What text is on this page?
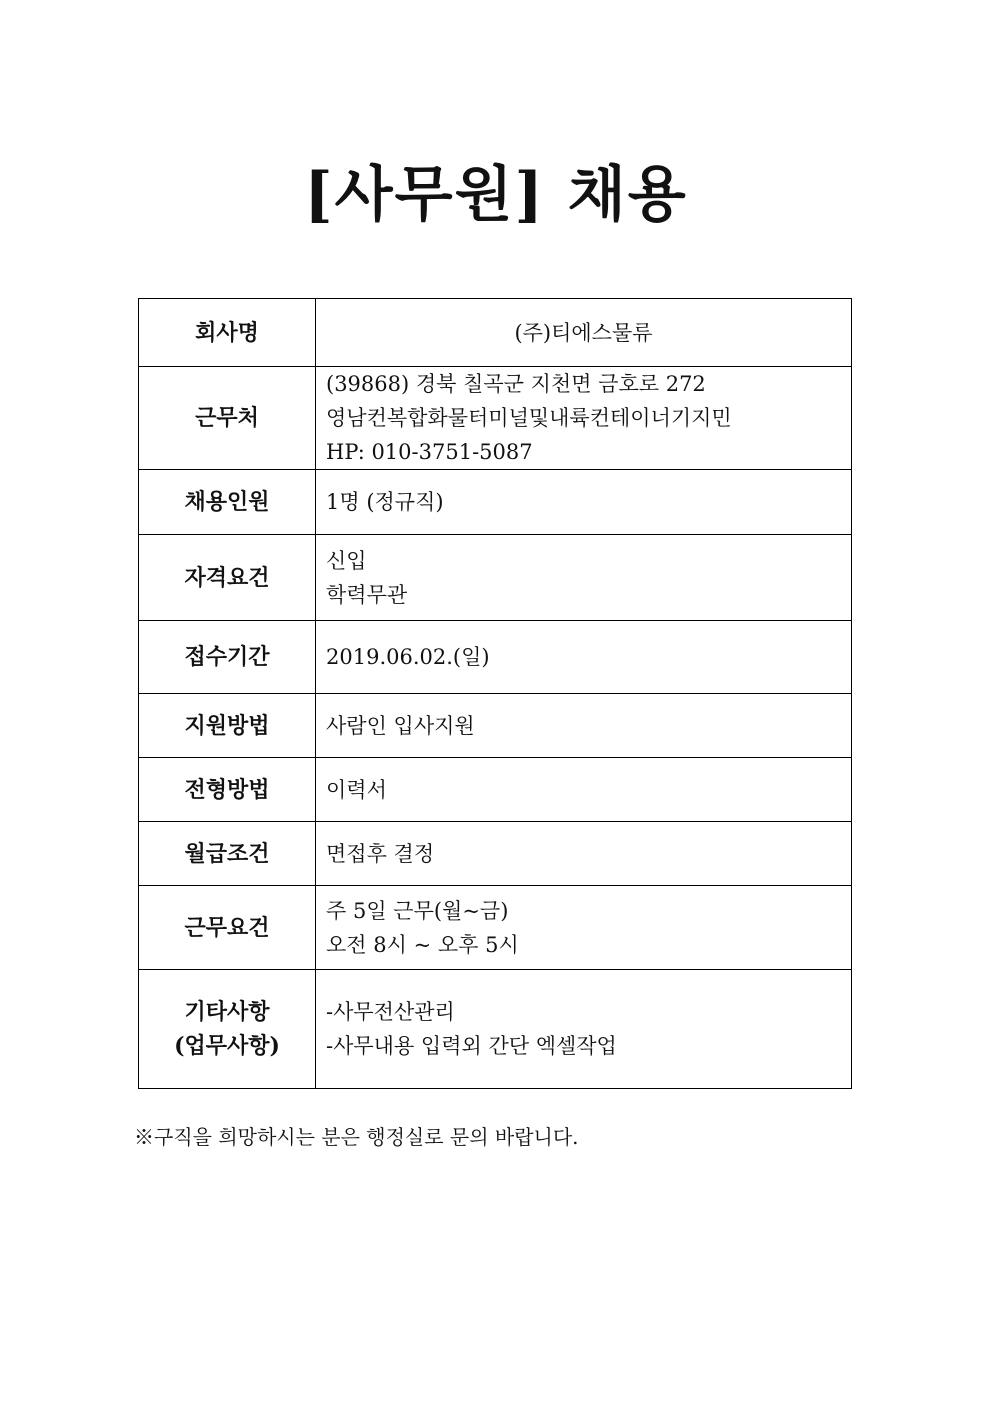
[사무원] 채용
회사명	(주)티에스물류

근무처	(39868) 경북 칠곡군 지천면 금호로 272
영남컨복합화물터미널및내륙컨테이너기지민
HP: 010-3751-5087

채용인원	1명 (정규직)

자격요건	신입
학력무관

접수기간	2019.06.02.(일)

지원방법	사람인 입사지원

전형방법	이력서

월급조건	면접후 결정

근무요건	주 5일 근무(월~금)
오전 8시 ~ 오후 5시

기타사항
(업무사항)	-사무전산관리
-사무내용 입력외 간단 엑셀작업
※구직을 희망하시는 분은 행정실로 문의 바랍니다.
